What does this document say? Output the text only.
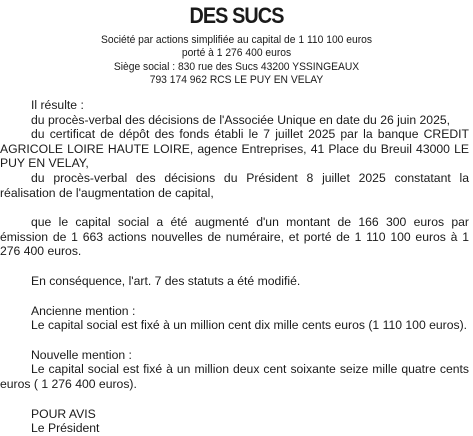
DES SUCS
Société par actions simplifiée au capital de 1 110 100 euros
porté à 1 276 400 euros
Siège social : 830 rue des Sucs 43200 YSSINGEAUX
793 174 962 RCS LE PUY EN VELAY

Il résulte :

du procès-verbal des décisions de l'Associée Unique en date du 26 juin 2025,

du certificat de dépôt des fonds établi le 7 juillet 2025 par la banque CREDIT AGRICOLE LOIRE HAUTE LOIRE, agence Entreprises, 41 Place du Breuil 43000 LE PUY EN VELAY,

du procès-verbal des décisions du Président 8 juillet 2025 constatant la réalisation de l'augmentation de capital,

que le capital social a été augmenté d'un montant de 166 300 euros par émission de 1 663 actions nouvelles de numéraire, et porté de 1 110 100 euros à 1 276 400 euros.

En conséquence, l'art. 7 des statuts a été modifié.

Ancienne mention :

Le capital social est fixé à un million cent dix mille cents euros (1 110 100 euros).

Nouvelle mention :

Le capital social est fixé à un million deux cent soixante seize mille quatre cents euros ( 1 276 400 euros).

POUR AVIS

Le Président
